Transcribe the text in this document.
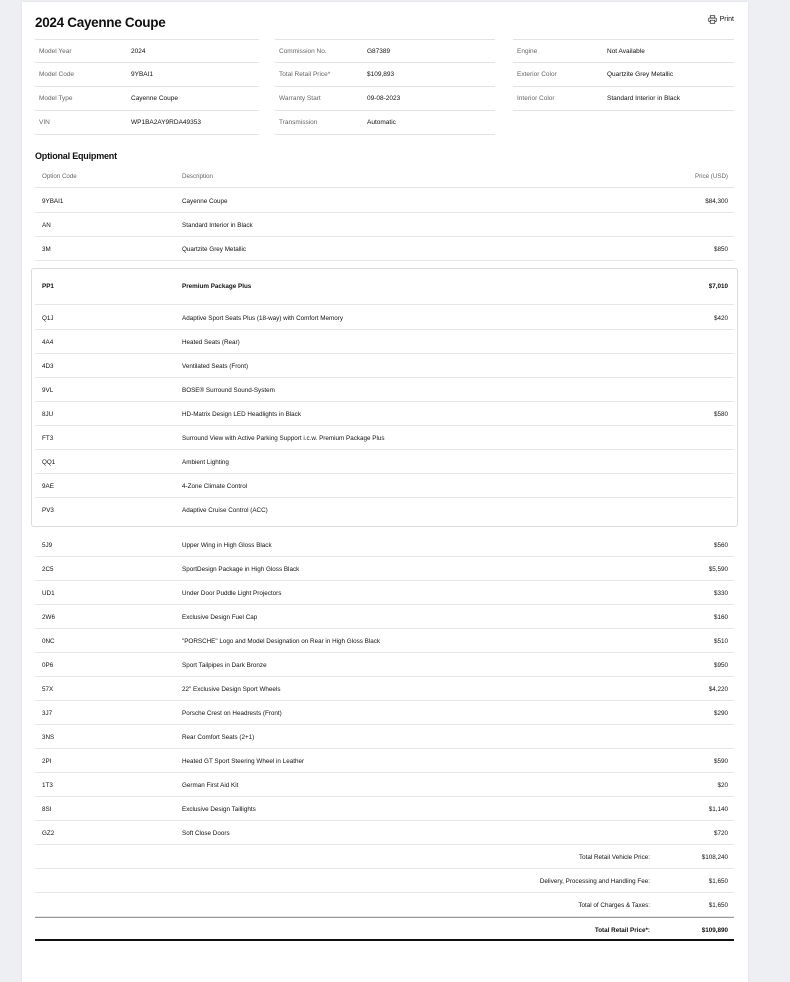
2024 Cayenne Coupe	Print
Model Year	2024
Model Code	9YBAI1
Model Type	Cayenne Coupe
VIN	WP1BA2AY9RDA49353
Commission No.	G87389
Total Retail Price*	$109,893
Warranty Start	09-08-2023
Transmission	Automatic
Engine	Not Available
Exterior Color	Quartzite Grey Metallic
Interior Color	Standard Interior in Black
Optional Equipment
Option Code	Description	Price (USD)
9YBAI1	Cayenne Coupe	$84,300
AN	Standard Interior in Black
3M	Quartzite Grey Metallic	$850
PP1	Premium Package Plus	$7,010
Q1J	Adaptive Sport Seats Plus (18-way) with Comfort Memory	$420
4A4	Heated Seats (Rear)
4D3	Ventilated Seats (Front)
9VL	BOSE® Surround Sound-System
8JU	HD-Matrix Design LED Headlights in Black	$580
FT3	Surround View with Active Parking Support i.c.w. Premium Package Plus
QQ1	Ambient Lighting
9AE	4-Zone Climate Control
PV3	Adaptive Cruise Control (ACC)
5J9	Upper Wing in High Gloss Black	$560
2C5	SportDesign Package in High Gloss Black	$5,590
UD1	Under Door Puddle Light Projectors	$330
2W6	Exclusive Design Fuel Cap	$160
0NC	"PORSCHE" Logo and Model Designation on Rear in High Gloss Black	$510
0P6	Sport Tailpipes in Dark Bronze	$950
57X	22" Exclusive Design Sport Wheels	$4,220
3J7	Porsche Crest on Headrests (Front)	$290
3NS	Rear Comfort Seats (2+1)
2PI	Heated GT Sport Steering Wheel in Leather	$590
1T3	German First Aid Kit	$20
8SI	Exclusive Design Taillights	$1,140
GZ2	Soft Close Doors	$720
Total Retail Vehicle Price:	$108,240
Delivery, Processing and Handling Fee:	$1,650
Total of Charges & Taxes:	$1,650
Total Retail Price*:	$109,890
